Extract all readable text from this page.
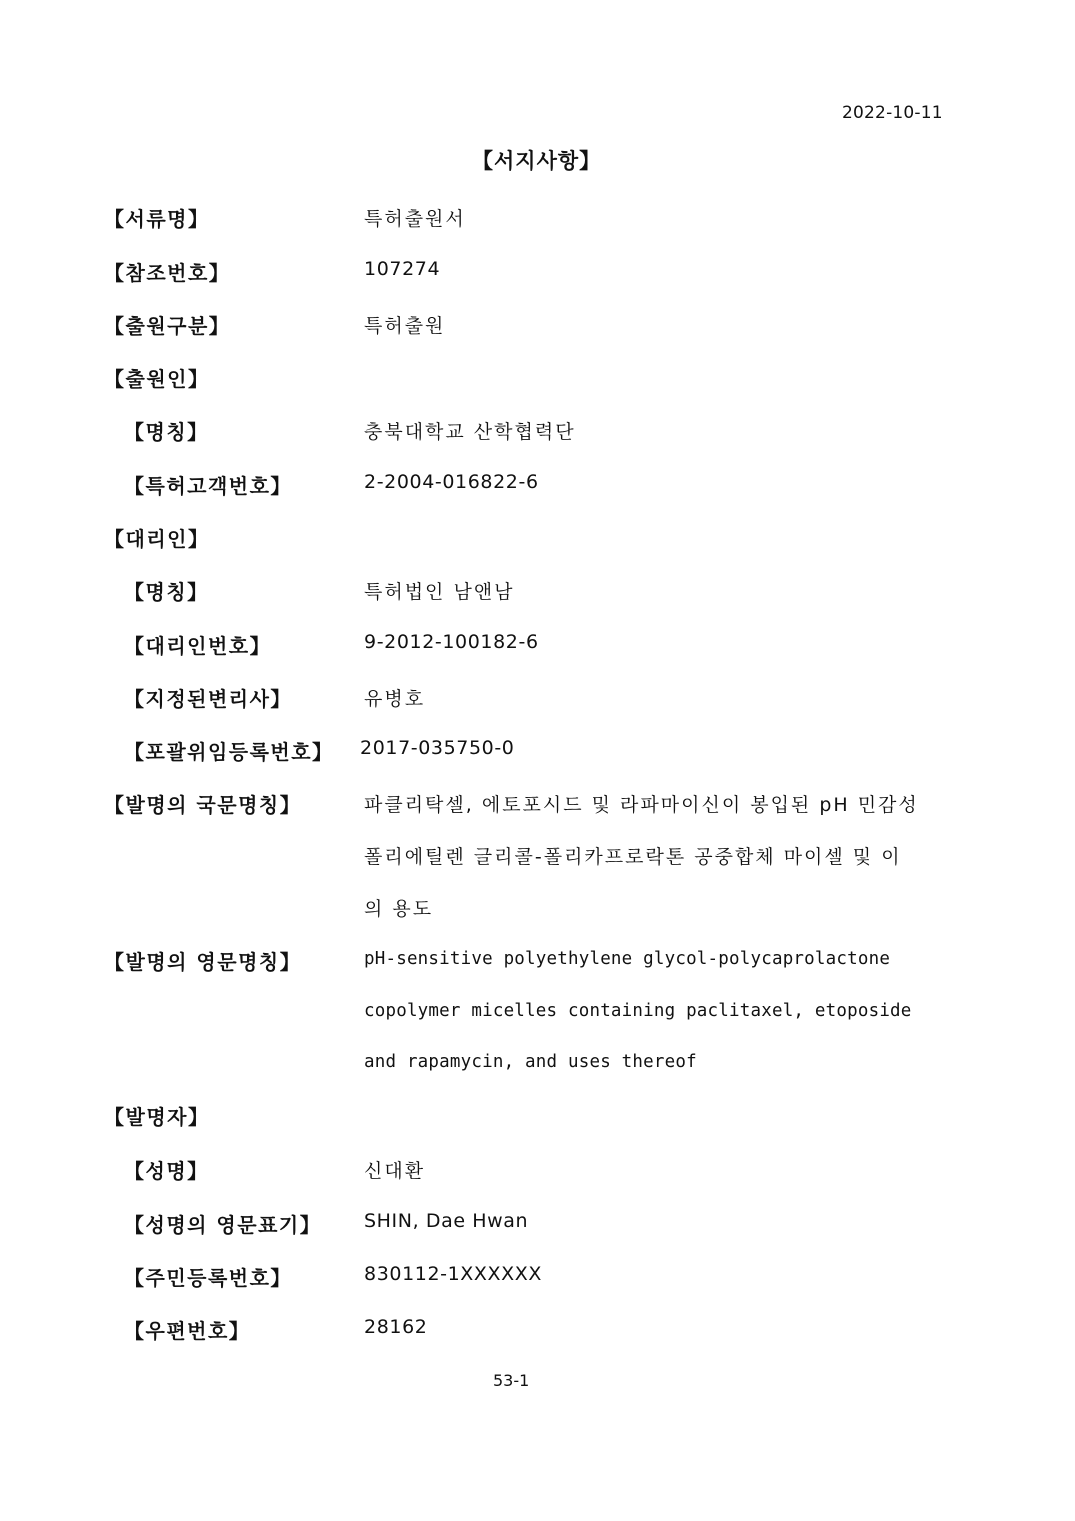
2022-10-11
【서지사항】
【서류명】	특허출원서
【참조번호】	107274
【출원구분】	특허출원
【출원인】
【명칭】	충북대학교 산학협력단
【특허고객번호】	2-2004-016822-6
【대리인】
【명칭】	특허법인 남앤남
【대리인번호】	9-2012-100182-6
【지정된변리사】	유병호
【포괄위임등록번호】 2017-035750-0
【발명의 국문명칭】	파클리탁셀, 에토포시드 및 라파마이신이 봉입된 pH 민감성
폴리에틸렌 글리콜-폴리카프로락톤 공중합체 마이셀 및 이
의 용도
【발명의 영문명칭】	pH-sensitive polyethylene glycol-polycaprolactone
copolymer micelles containing paclitaxel, etoposide
and rapamycin, and uses thereof
【발명자】
【성명】	신대환
【성명의 영문표기】 SHIN, Dae Hwan
【주민등록번호】	830112-1XXXXXX
【우편번호】	28162
53-1
